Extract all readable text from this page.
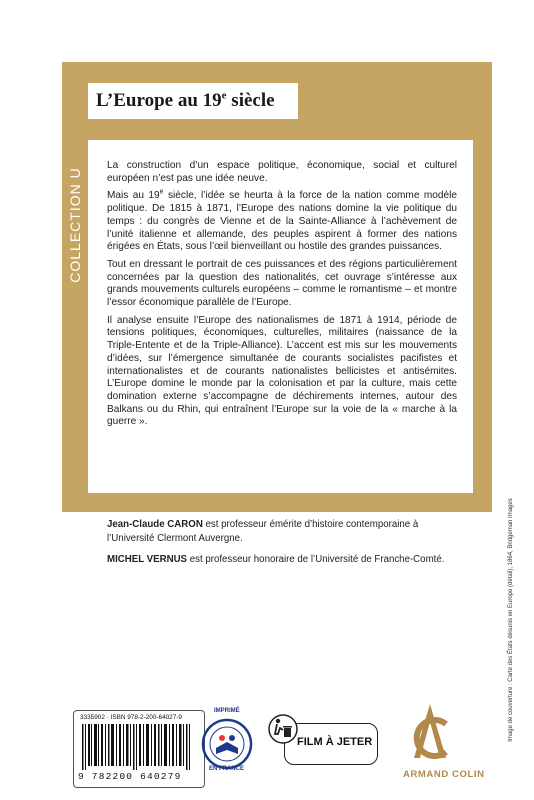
COLLECTION U
L’Europe au 19e siècle

La construction d’un espace politique, économique, social et culturel européen n’est pas une idée neuve.

Mais au 19e siècle, l’idée se heurta à la force de la nation comme modèle politique. De 1815 à 1871, l’Europe des nations domine la vie politique du temps : du congrès de Vienne et de la Sainte-Alliance à l’achèvement de l’unité italienne et allemande, des peuples aspirent à former des nations érigées en États, sous l’œil bienveillant ou hostile des grandes puissances.

Tout en dressant le portrait de ces puissances et des régions particulièrement concernées par la question des nationalités, cet ouvrage s’intéresse aux grands mouvements culturels européens – comme le romantisme – et montre l’essor économique parallèle de l’Europe.

Il analyse ensuite l’Europe des nationalismes de 1871 à 1914, période de tensions politiques, économiques, culturelles, militaires (naissance de la Triple-Entente et de la Triple-Alliance). L’accent est mis sur les mouvements d’idées, sur l’émergence simultanée de courants socialistes pacifistes et internationalistes et de courants nationalistes bellicistes et antisémites. L’Europe domine le monde par la colonisation et par la culture, mais cette domination externe s’accompagne de déchirements internes, autour des Balkans ou du Rhin, qui entraînent l’Europe sur la voie de la « marche à la guerre ».

Jean-Claude CARON est professeur émérite d’histoire contemporaine à l’Université Clermont Auvergne.

MICHEL VERNUS est professeur honoraire de l’Université de Franche-Comté.	Image de couverture : Carte des États désunis en Europe (détail), 1864, Bridgeman Images
3335902 · ISBN 978-2-200-64027-9
9 782200 640279
IMPRIMÉ
EN FRANCE
FILM À JETER
ARMAND COLIN
